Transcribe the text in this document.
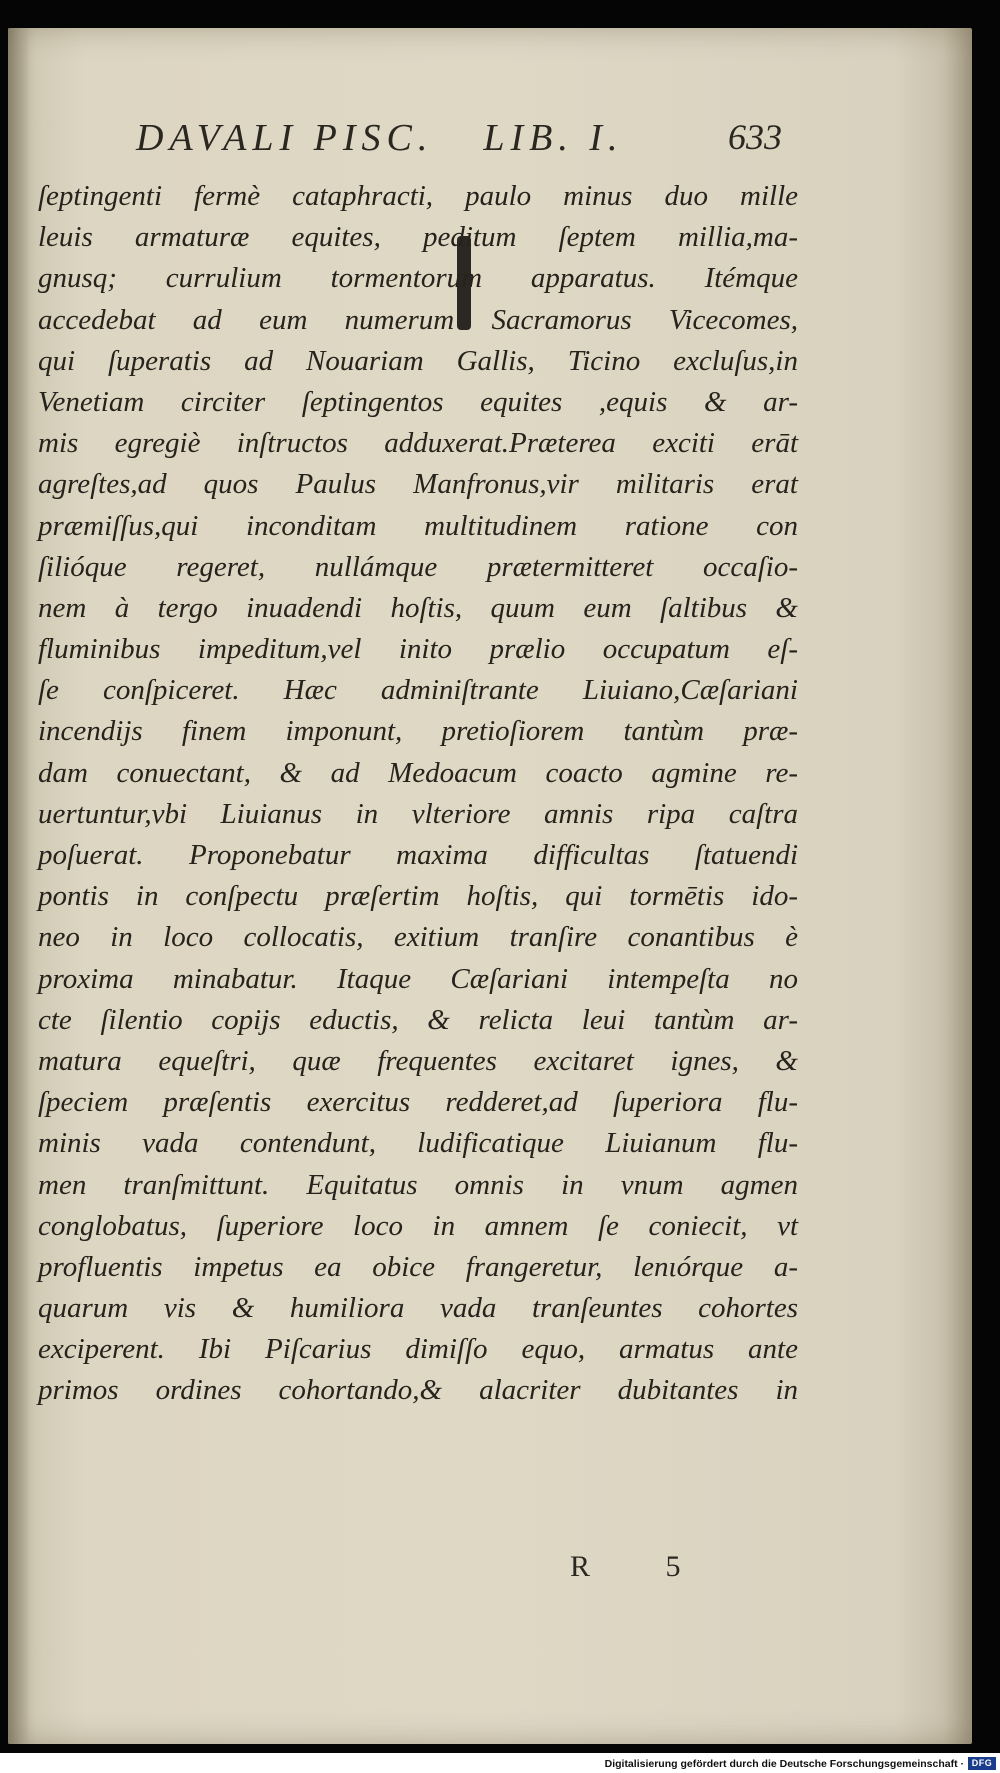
DAVALI PISC. LIB. I.	633
ſeptingenti fermè cataphracti, paulo minus duo mille
leuis armaturæ equites, peditum ſeptem millia,ma-
gnusq; currulium tormentorum apparatus. Itémque
accedebat ad eum numerum Sacramorus Vicecomes,
qui ſuperatis ad Nouariam Gallis, Ticino excluſus,in
Venetiam circiter ſeptingentos equites ,equis & ar-
mis egregiè inſtructos adduxerat.Præterea exciti erāt
agreſtes,ad quos Paulus Manfronus,vir militaris erat
præmiſſus,qui inconditam multitudinem ratione con
ſilióque regeret, nullámque prætermitteret occaſio-
nem à tergo inuadendi hoſtis, quum eum ſaltibus &
fluminibus impeditum,vel inito prælio occupatum eſ-
ſe conſpiceret. Hæc adminiſtrante Liuiano,Cæſariani
incendijs finem imponunt, pretioſiorem tantùm præ-
dam conuectant, & ad Medoacum coacto agmine re-
uertuntur,vbi Liuianus in vlteriore amnis ripa caſtra
poſuerat. Proponebatur maxima difficultas ſtatuendi
pontis in conſpectu præſertim hoſtis, qui tormētis ido-
neo in loco collocatis, exitium tranſire conantibus è
proxima minabatur. Itaque Cæſariani intempeſta no
cte ſilentio copijs eductis, & relicta leui tantùm ar-
matura equeſtri, quæ frequentes excitaret ignes, &
ſpeciem præſentis exercitus redderet,ad ſuperiora flu-
minis vada contendunt, ludificatique Liuianum flu-
men tranſmittunt. Equitatus omnis in vnum agmen
conglobatus, ſuperiore loco in amnem ſe coniecit, vt
profluentis impetus ea obice frangeretur, lenιórque a-
quarum vis & humiliora vada tranſeuntes cohortes
exciperent. Ibi Piſcarius dimiſſo equo, armatus ante
primos ordines cohortando,& alacriter dubitantes in
R 5
Digitalisierung gefördert durch die Deutsche Forschungsgemeinschaft · DFG
